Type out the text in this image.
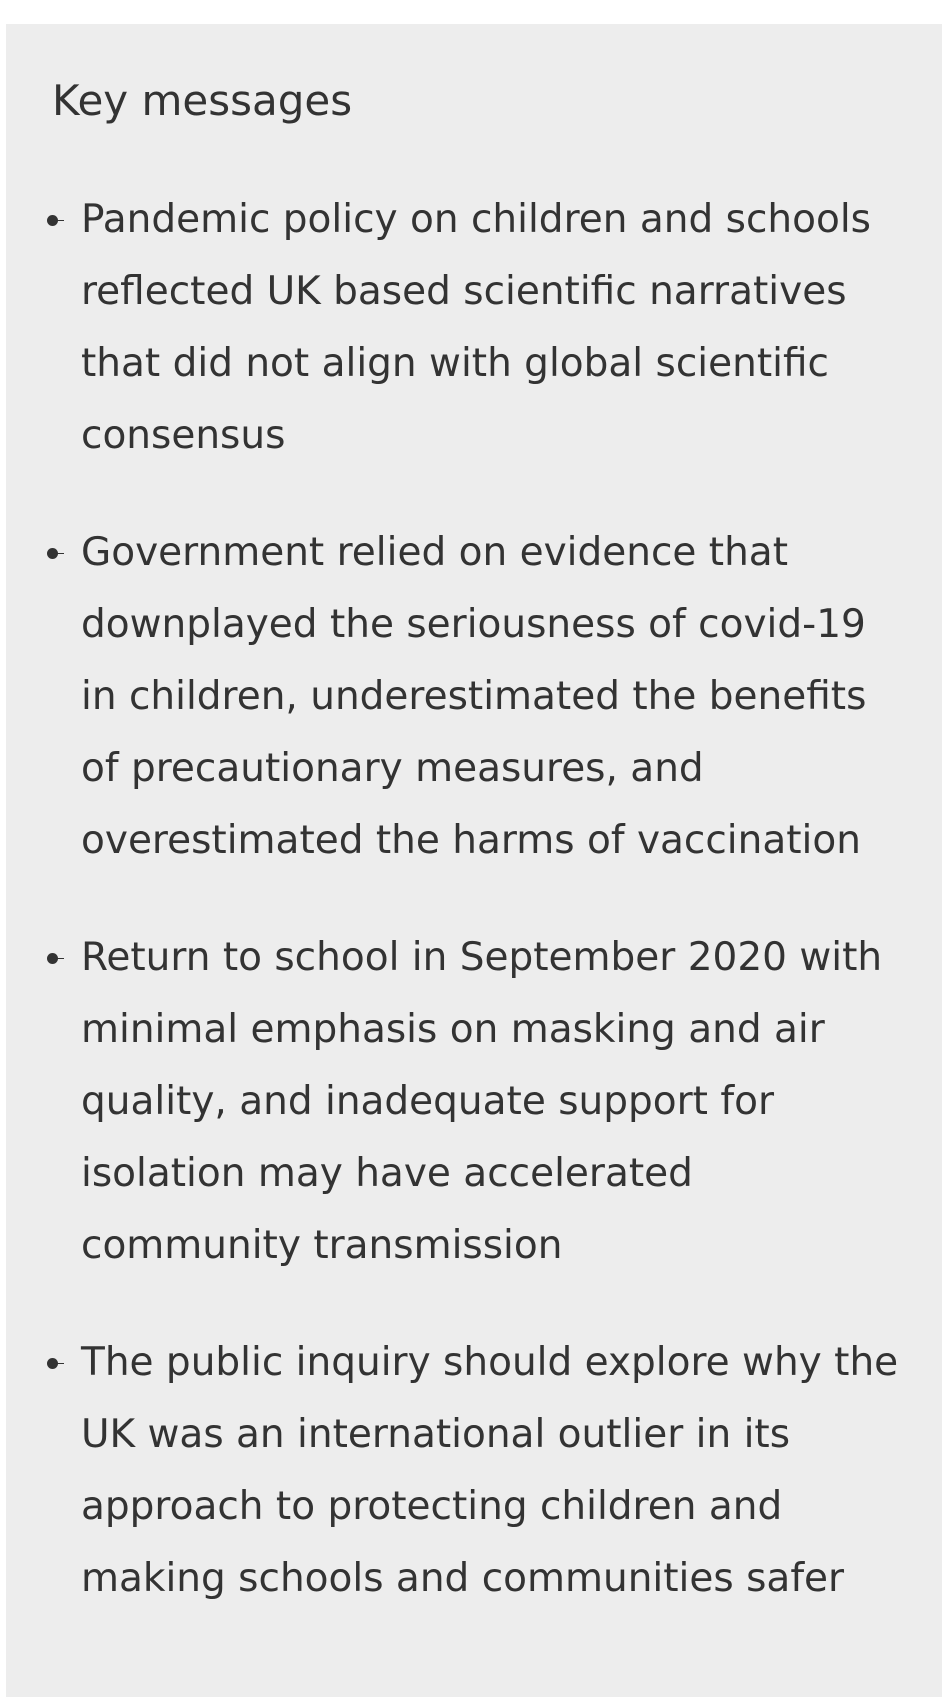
Key messages
Pandemic policy on children and schools reflected UK based scientific narratives that did not align with global scientific consensus
Government relied on evidence that downplayed the seriousness of covid-19 in children, underestimated the benefits of precautionary measures, and overestimated the harms of vaccination
Return to school in September 2020 with minimal emphasis on masking and air quality, and inadequate support for isolation may have accelerated community transmission
The public inquiry should explore why the UK was an international outlier in its approach to protecting children and making schools and communities safer
